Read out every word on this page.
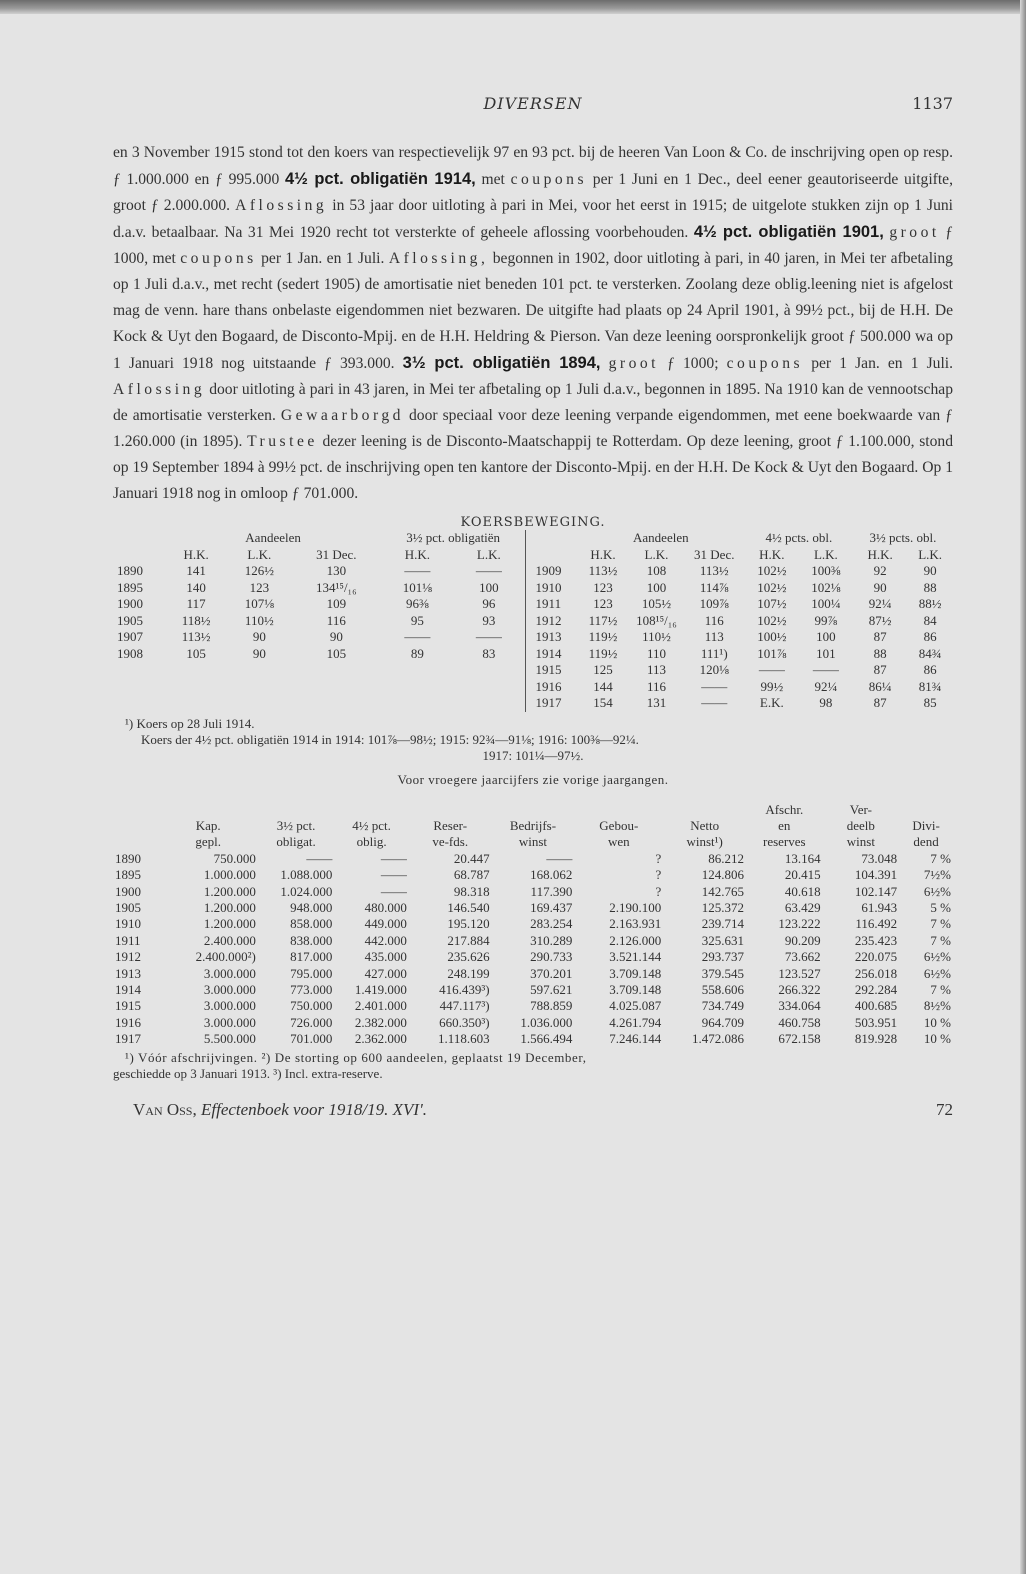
DIVERSEN	1137

en 3 November 1915 stond tot den koers van respectievelijk 97 en 93 pct. bij de heeren Van Loon & Co. de inschrijving open op resp. ƒ 1.000.000 en ƒ 995.000 4½ pct. obligatiën 1914, met coupons per 1 Juni en 1 Dec., deel eener geautoriseerde uitgifte, groot ƒ 2.000.000. Aflossing in 53 jaar door uitloting à pari in Mei, voor het eerst in 1915; de uitgelote stukken zijn op 1 Juni d.a.v. betaalbaar. Na 31 Mei 1920 recht tot versterkte of geheele aflossing voorbehouden. 4½ pct. obligatiën 1901, groot ƒ 1000, met coupons per 1 Jan. en 1 Juli. Aflossing, begonnen in 1902, door uitloting à pari, in 40 jaren, in Mei ter afbetaling op 1 Juli d.a.v., met recht (sedert 1905) de amortisatie niet beneden 101 pct. te versterken. Zoolang deze oblig.leening niet is afgelost mag de venn. hare thans onbelaste eigendommen niet bezwaren. De uitgifte had plaats op 24 April 1901, à 99½ pct., bij de H.H. De Kock & Uyt den Bogaard, de Disconto-Mpij. en de H.H. Heldring & Pierson. Van deze leening oorspronkelijk groot ƒ 500.000 wa op 1 Januari 1918 nog uitstaande ƒ 393.000. 3½ pct. obligatiën 1894, groot ƒ 1000; coupons per 1 Jan. en 1 Juli. Aflossing door uitloting à pari in 43 jaren, in Mei ter afbetaling op 1 Juli d.a.v., begonnen in 1895. Na 1910 kan de vennootschap de amortisatie versterken. Gewaarborgd door speciaal voor deze leening verpande eigendommen, met eene boekwaarde van ƒ 1.260.000 (in 1895). Trustee dezer leening is de Disconto-Maatschappij te Rotterdam. Op deze leening, groot ƒ 1.100.000, stond op 19 September 1894 à 99½ pct. de inschrijving open ten kantore der Disconto-Mpij. en der H.H. De Kock & Uyt den Bogaard. Op 1 Januari 1918 nog in omloop ƒ 701.000.

KOERSBEWEGING.
	Aandeelen			3½ pct. obligatiën	
	H.K.	L.K.	31 Dec.	H.K.	L.K.
1890	141	126½	130	——	——
1895	140	123	134¹⁵/₁₆	101⅛	100
1900	117	107⅛	109	96⅜	96
1905	118½	110½	116	95	93
1907	113½	90	90	——	——
1908	105	90	105	89	83
	Aandeelen			4½ pcts. obl.		3½ pcts. obl.	
	H.K.	L.K.	31 Dec.	H.K.	L.K.	H.K.	L.K.
1909	113½	108	113½	102½	100⅜	92	90
1910	123	100	114⅞	102½	102⅛	90	88
1911	123	105½	109⅞	107½	100¼	92¼	88½
1912	117½	108¹⁵/₁₆	116	102½	99⅞	87½	84
1913	119½	110½	113	100½	100	87	86
1914	119½	110	111¹)	101⅞	101	88	84¾
1915	125	113	120⅛	——	——	87	86
1916	144	116	——	99½	92¼	86¼	81¾
1917	154	131	——	E.K.	98	87	85
¹) Koers op 28 Juli 1914.
Koers der 4½ pct. obligatiën 1914 in 1914: 101⅞—98½; 1915: 92¾—91⅛; 1916: 100⅜—92¼.
1917: 101¼—97½.
Voor vroegere jaarcijfers zie vorige jaargangen.
								Afschr.	Ver-	
	Kap.	3½ pct.	4½ pct.	Reser-	Bedrijfs-	Gebou-	Netto	en	deelb	Divi-
	gepl.	obligat.	oblig.	ve-fds.	winst	wen	winst¹)	reserves	winst	dend
1890	750.000	——	——	20.447	——	?	86.212	13.164	73.048	7 %
1895	1.000.000	1.088.000	——	68.787	168.062	?	124.806	20.415	104.391	7½%
1900	1.200.000	1.024.000	——	98.318	117.390	?	142.765	40.618	102.147	6½%
1905	1.200.000	948.000	480.000	146.540	169.437	2.190.100	125.372	63.429	61.943	5 %
1910	1.200.000	858.000	449.000	195.120	283.254	2.163.931	239.714	123.222	116.492	7 %
1911	2.400.000	838.000	442.000	217.884	310.289	2.126.000	325.631	90.209	235.423	7 %
1912	2.400.000²)	817.000	435.000	235.626	290.733	3.521.144	293.737	73.662	220.075	6½%
1913	3.000.000	795.000	427.000	248.199	370.201	3.709.148	379.545	123.527	256.018	6½%
1914	3.000.000	773.000	1.419.000	416.439³)	597.621	3.709.148	558.606	266.322	292.284	7 %
1915	3.000.000	750.000	2.401.000	447.117³)	788.859	4.025.087	734.749	334.064	400.685	8½%
1916	3.000.000	726.000	2.382.000	660.350³)	1.036.000	4.261.794	964.709	460.758	503.951	10 %
1917	5.500.000	701.000	2.362.000	1.118.603	1.566.494	7.246.144	1.472.086	672.158	819.928	10 %
¹) Vóór afschrijvingen. ²) De storting op 600 aandeelen, geplaatst 19 December,
geschiedde op 3 Januari 1913. ³) Incl. extra-reserve.
Van Oss, Effectenboek voor 1918/19. XVI'.	72
